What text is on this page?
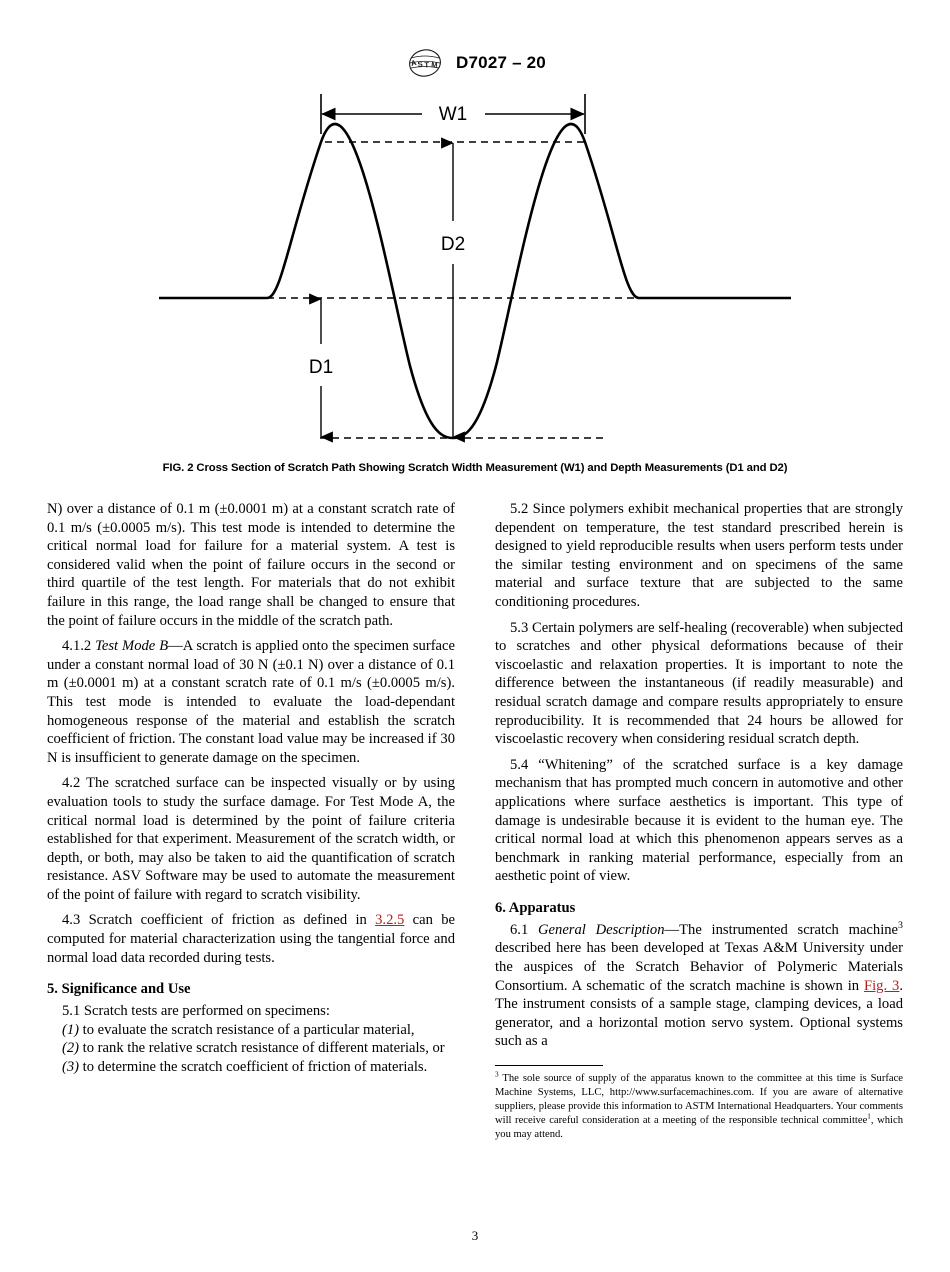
A S T M D7027 – 20
W1
D2
D1
FIG. 2 Cross Section of Scratch Path Showing Scratch Width Measurement (W1) and Depth Measurements (D1 and D2)

N) over a distance of 0.1 m (±0.0001 m) at a constant scratch rate of 0.1 m/s (±0.0005 m/s). This test mode is intended to determine the critical normal load for failure for a material system. A test is considered valid when the point of failure occurs in the second or third quartile of the test length. For materials that do not exhibit failure in this range, the load range shall be changed to ensure that the point of failure occurs in the middle of the scratch path.

4.1.2 Test Mode B—A scratch is applied onto the specimen surface under a constant normal load of 30 N (±0.1 N) over a distance of 0.1 m (±0.0001 m) at a constant scratch rate of 0.1 m/s (±0.0005 m/s). This test mode is intended to evaluate the load-dependant homogeneous response of the material and establish the scratch coefficient of friction. The constant load value may be increased if 30 N is insufficient to generate damage on the specimen.

4.2 The scratched surface can be inspected visually or by using evaluation tools to study the surface damage. For Test Mode A, the critical normal load is determined by the point of failure criteria established for that experiment. Measurement of the scratch width, or depth, or both, may also be taken to aid the quantification of scratch resistance. ASV Software may be used to automate the measurement of the point of failure with regard to scratch visibility.

4.3 Scratch coefficient of friction as defined in 3.2.5 can be computed for material characterization using the tangential force and normal load data recorded during tests.

5. Significance and Use

5.1 Scratch tests are performed on specimens:

(1) to evaluate the scratch resistance of a particular material,

(2) to rank the relative scratch resistance of different materials, or

(3) to determine the scratch coefficient of friction of materials.

5.2 Since polymers exhibit mechanical properties that are strongly dependent on temperature, the test standard prescribed herein is designed to yield reproducible results when users perform tests under the similar testing environment and on specimens of the same material and surface texture that are subjected to the same conditioning procedures.

5.3 Certain polymers are self-healing (recoverable) when subjected to scratches and other physical deformations because of their viscoelastic and relaxation properties. It is important to note the difference between the instantaneous (if readily measurable) and residual scratch damage and compare results appropriately to ensure reproducibility. It is recommended that 24 hours be allowed for viscoelastic recovery when considering residual scratch depth.

5.4 “Whitening” of the scratched surface is a key damage mechanism that has prompted much concern in automotive and other applications where surface aesthetics is important. This type of damage is undesirable because it is evident to the human eye. The critical normal load at which this phenomenon appears serves as a benchmark in ranking material performance, especially from an aesthetic point of view.

6. Apparatus

6.1 General Description—The instrumented scratch machine$^3$ described here has been developed at Texas A&M University under the auspices of the Scratch Behavior of Polymeric Materials Consortium. A schematic of the scratch machine is shown in Fig. 3. The instrument consists of a sample stage, clamping devices, a load generator, and a horizontal motion servo system. Optional systems such as a

$^3$ The sole source of supply of the apparatus known to the committee at this time is Surface Machine Systems, LLC, http://www.surfacemachines.com. If you are aware of alternative suppliers, please provide this information to ASTM International Headquarters. Your comments will receive careful consideration at a meeting of the responsible technical committee$^1$, which you may attend.

3
